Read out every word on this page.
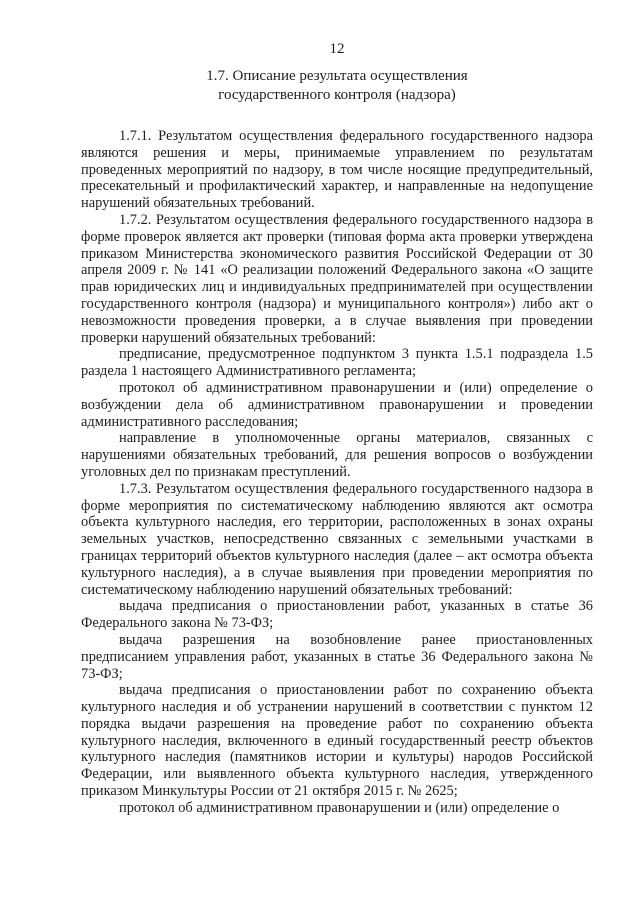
12
1.7. Описание результата осуществления
государственного контроля (надзора)

1.7.1. Результатом осуществления федерального государственного надзора являются решения и меры, принимаемые управлением по результатам проведенных мероприятий по надзору, в том числе носящие предупредительный, пресекательный и профилактический характер, и направленные на недопущение нарушений обязательных требований.

1.7.2. Результатом осуществления федерального государственного надзора в форме проверок является акт проверки (типовая форма акта проверки утверждена приказом Министерства экономического развития Российской Федерации от 30 апреля 2009 г. № 141 «О реализации положений Федерального закона «О защите прав юридических лиц и индивидуальных предпринимателей при осуществлении государственного контроля (надзора) и муниципального контроля») либо акт о невозможности проведения проверки, а в случае выявления при проведении проверки нарушений обязательных требований:

предписание, предусмотренное подпунктом 3 пункта 1.5.1 подраздела 1.5 раздела 1 настоящего Административного регламента;

протокол об административном правонарушении и (или) определение о возбуждении дела об административном правонарушении и проведении административного расследования;

направление в уполномоченные органы материалов, связанных с нарушениями обязательных требований, для решения вопросов о возбуждении уголовных дел по признакам преступлений.

1.7.3. Результатом осуществления федерального государственного надзора в форме мероприятия по систематическому наблюдению являются акт осмотра объекта культурного наследия, его территории, расположенных в зонах охраны земельных участков, непосредственно связанных с земельными участками в границах территорий объектов культурного наследия (далее – акт осмотра объекта культурного наследия), а в случае выявления при проведении мероприятия по систематическому наблюдению нарушений обязательных требований:

выдача предписания о приостановлении работ, указанных в статье 36 Федерального закона № 73-ФЗ;

выдача разрешения на возобновление ранее приостановленных предписанием управления работ, указанных в статье 36 Федерального закона № 73-ФЗ;

выдача предписания о приостановлении работ по сохранению объекта культурного наследия и об устранении нарушений в соответствии с пунктом 12 порядка выдачи разрешения на проведение работ по сохранению объекта культурного наследия, включенного в единый государственный реестр объектов культурного наследия (памятников истории и культуры) народов Российской Федерации, или выявленного объекта культурного наследия, утвержденного приказом Минкультуры России от 21 октября 2015 г. № 2625;

протокол об административном правонарушении и (или) определение о
